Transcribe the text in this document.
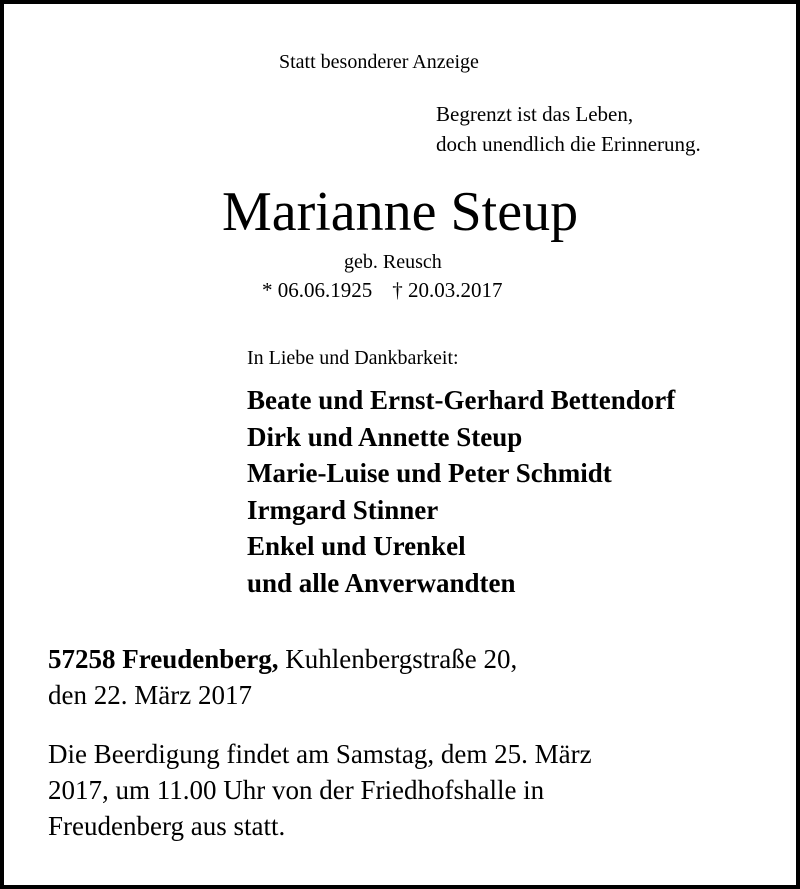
Statt besonderer Anzeige
Begrenzt ist das Leben,
doch unendlich die Erinnerung.
Marianne Steup
geb. Reusch
* 06.06.1925 † 20.03.2017
In Liebe und Dankbarkeit:
Beate und Ernst-Gerhard Bettendorf
Dirk und Annette Steup
Marie-Luise und Peter Schmidt
Irmgard Stinner
Enkel und Urenkel
und alle Anverwandten
57258 Freudenberg, Kuhlenbergstraße 20,
den 22. März 2017
Die Beerdigung findet am Samstag, dem 25. März
2017, um 11.00 Uhr von der Friedhofshalle in
Freudenberg aus statt.
